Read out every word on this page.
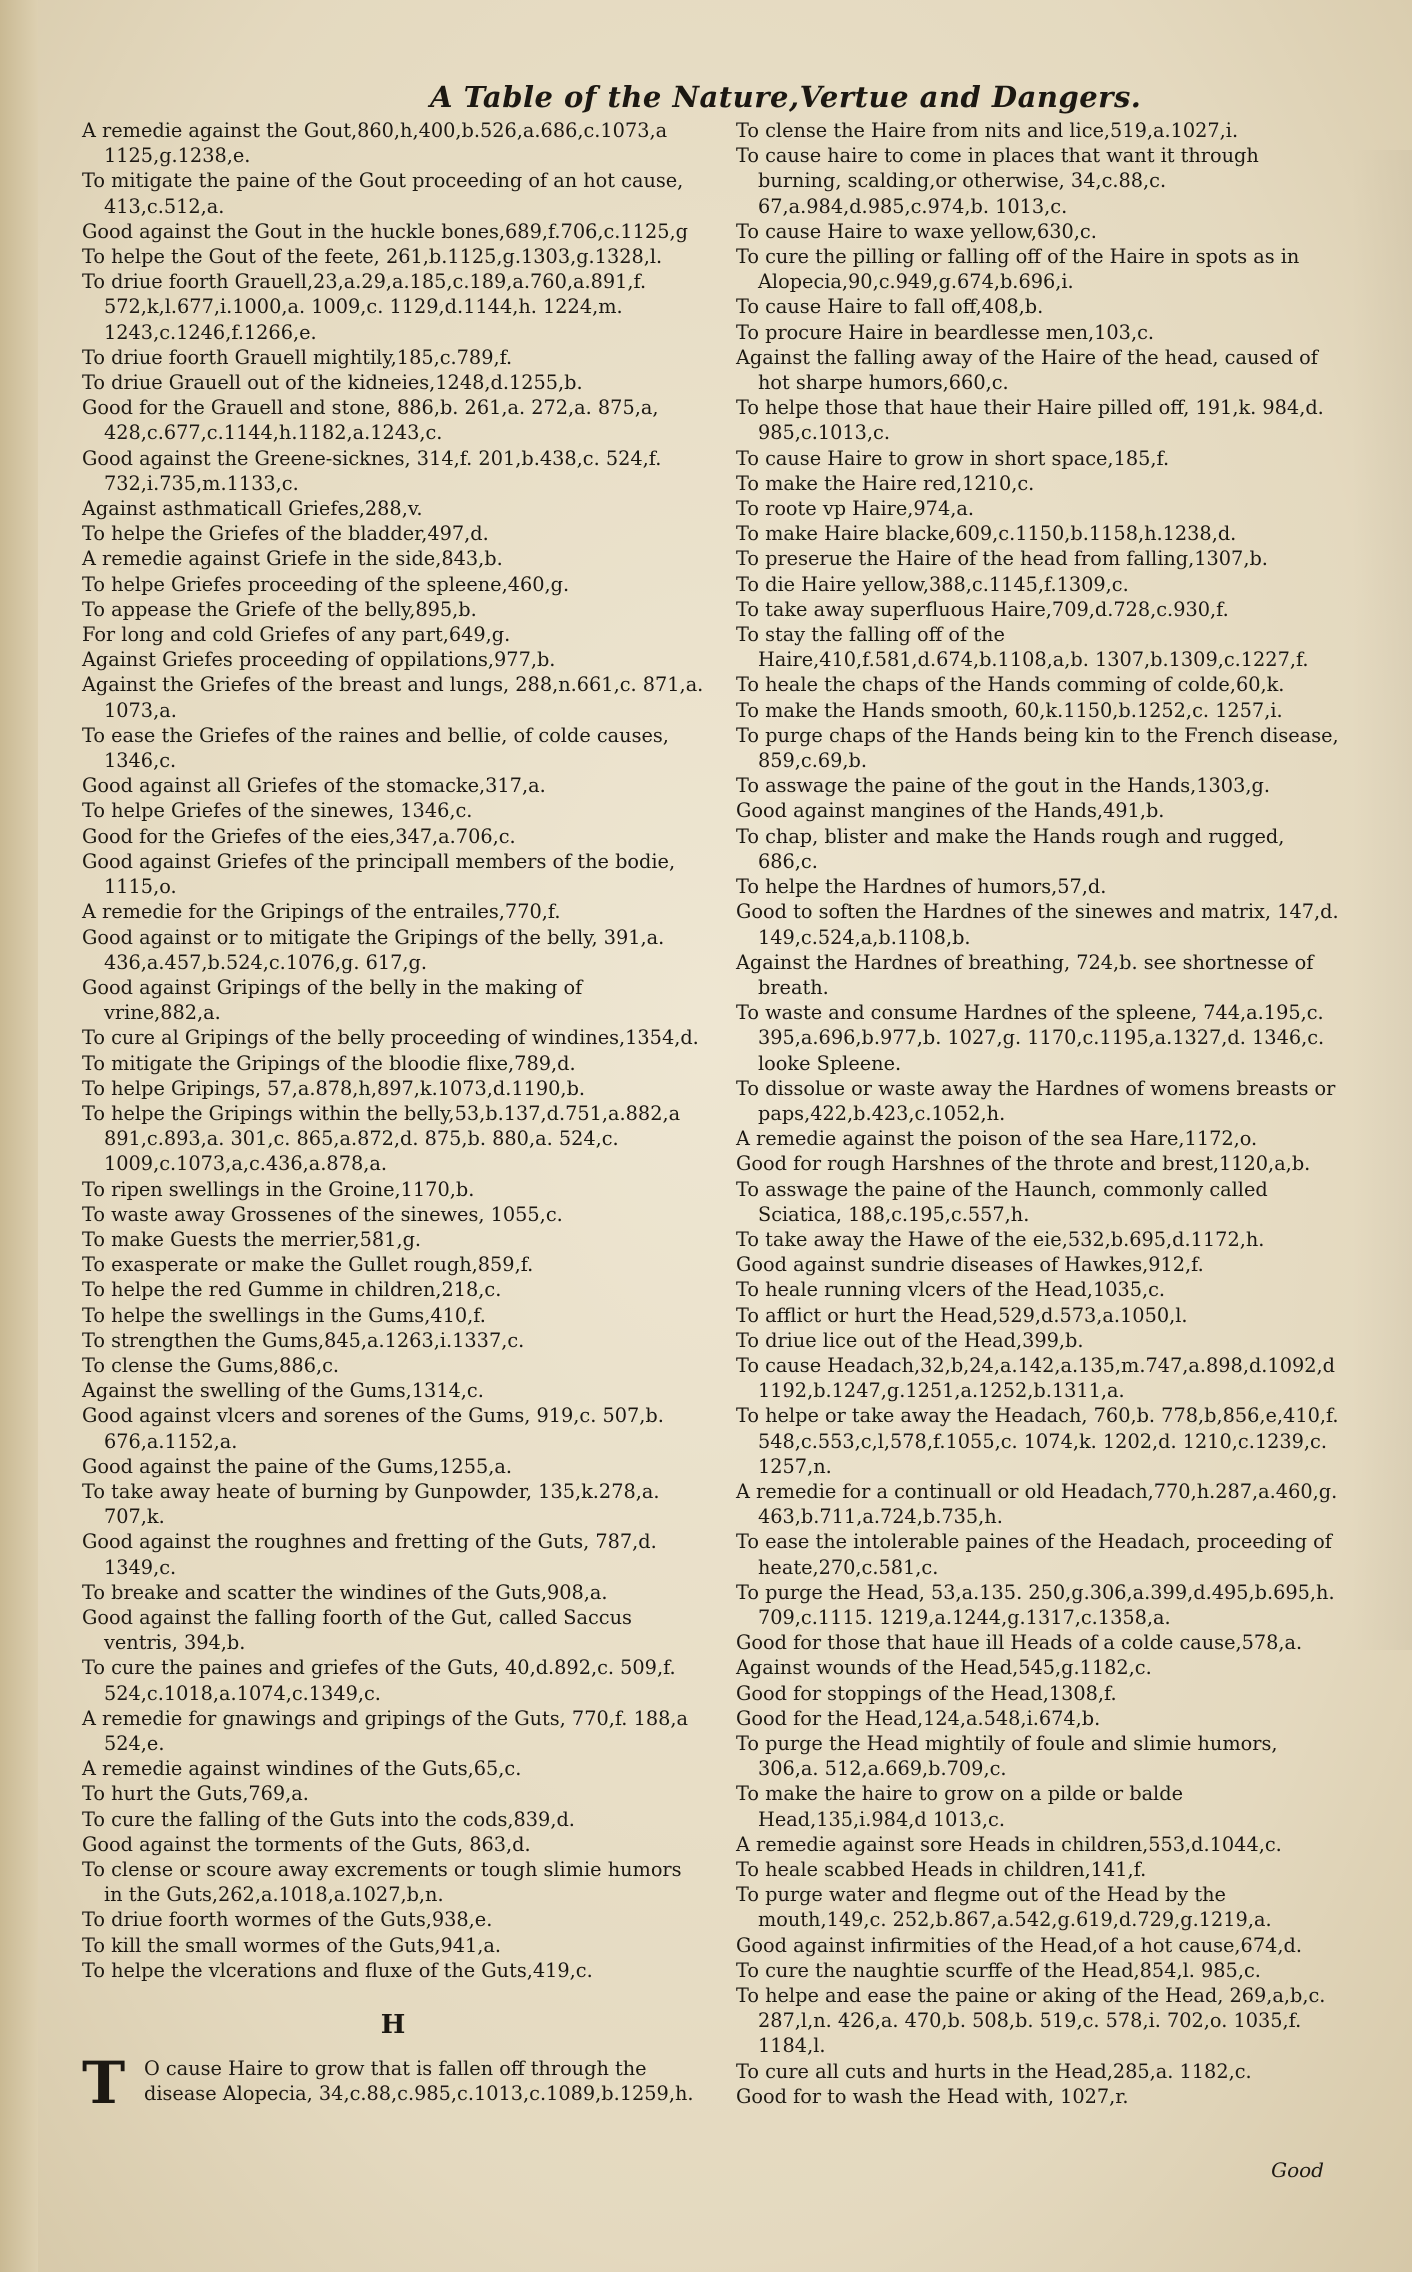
A Table of the Nature,Vertue and Dangers.

A remedie against the Gout,860,h,400,b.526,a.686,c.1073,a 1125,g.1238,e.

To mitigate the paine of the Gout proceeding of an hot cause, 413,c.512,a.

Good against the Gout in the huckle bones,689,f.706,c.1125,g

To helpe the Gout of the feete, 261,b.1125,g.1303,g.1328,l.

To driue foorth Grauell,23,a.29,a.185,c.189,a.760,a.891,f. 572,k,l.677,i.1000,a. 1009,c. 1129,d.1144,h. 1224,m. 1243,c.1246,f.1266,e.

To driue foorth Grauell mightily,185,c.789,f.

To driue Grauell out of the kidneies,1248,d.1255,b.

Good for the Grauell and stone, 886,b. 261,a. 272,a. 875,a, 428,c.677,c.1144,h.1182,a.1243,c.

Good against the Greene-sicknes, 314,f. 201,b.438,c. 524,f. 732,i.735,m.1133,c.

Against asthmaticall Griefes,288,v.

To helpe the Griefes of the bladder,497,d.

A remedie against Griefe in the side,843,b.

To helpe Griefes proceeding of the spleene,460,g.

To appease the Griefe of the belly,895,b.

For long and cold Griefes of any part,649,g.

Against Griefes proceeding of oppilations,977,b.

Against the Griefes of the breast and lungs, 288,n.661,c. 871,a. 1073,a.

To ease the Griefes of the raines and bellie, of colde causes, 1346,c.

Good against all Griefes of the stomacke,317,a.

To helpe Griefes of the sinewes, 1346,c.

Good for the Griefes of the eies,347,a.706,c.

Good against Griefes of the principall members of the bodie, 1115,o.

A remedie for the Gripings of the entrailes,770,f.

Good against or to mitigate the Gripings of the belly, 391,a. 436,a.457,b.524,c.1076,g. 617,g.

Good against Gripings of the belly in the making of vrine,882,a.

To cure al Gripings of the belly proceeding of windines,1354,d.

To mitigate the Gripings of the bloodie flixe,789,d.

To helpe Gripings, 57,a.878,h,897,k.1073,d.1190,b.

To helpe the Gripings within the belly,53,b.137,d.751,a.882,a 891,c.893,a. 301,c. 865,a.872,d. 875,b. 880,a. 524,c. 1009,c.1073,a,c.436,a.878,a.

To ripen swellings in the Groine,1170,b.

To waste away Grossenes of the sinewes, 1055,c.

To make Guests the merrier,581,g.

To exasperate or make the Gullet rough,859,f.

To helpe the red Gumme in children,218,c.

To helpe the swellings in the Gums,410,f.

To strengthen the Gums,845,a.1263,i.1337,c.

To clense the Gums,886,c.

Against the swelling of the Gums,1314,c.

Good against vlcers and sorenes of the Gums, 919,c. 507,b. 676,a.1152,a.

Good against the paine of the Gums,1255,a.

To take away heate of burning by Gunpowder, 135,k.278,a. 707,k.

Good against the roughnes and fretting of the Guts, 787,d. 1349,c.

To breake and scatter the windines of the Guts,908,a.

Good against the falling foorth of the Gut, called Saccus ventris, 394,b.

To cure the paines and griefes of the Guts, 40,d.892,c. 509,f. 524,c.1018,a.1074,c.1349,c.

A remedie for gnawings and gripings of the Guts, 770,f. 188,a 524,e.

A remedie against windines of the Guts,65,c.

To hurt the Guts,769,a.

To cure the falling of the Guts into the cods,839,d.

Good against the torments of the Guts, 863,d.

To clense or scoure away excrements or tough slimie humors in the Guts,262,a.1018,a.1027,b,n.

To driue foorth wormes of the Guts,938,e.

To kill the small wormes of the Guts,941,a.

To helpe the vlcerations and fluxe of the Guts,419,c.

H

T O cause Haire to grow that is fallen off through the disease Alopecia, 34,c.88,c.985,c.1013,c.1089,b.1259,h.

To clense the Haire from nits and lice,519,a.1027,i.

To cause haire to come in places that want it through burning, scalding,or otherwise, 34,c.88,c. 67,a.984,d.985,c.974,b. 1013,c.

To cause Haire to waxe yellow,630,c.

To cure the pilling or falling off of the Haire in spots as in Alopecia,90,c.949,g.674,b.696,i.

To cause Haire to fall off,408,b.

To procure Haire in beardlesse men,103,c.

Against the falling away of the Haire of the head, caused of hot sharpe humors,660,c.

To helpe those that haue their Haire pilled off, 191,k. 984,d. 985,c.1013,c.

To cause Haire to grow in short space,185,f.

To make the Haire red,1210,c.

To roote vp Haire,974,a.

To make Haire blacke,609,c.1150,b.1158,h.1238,d.

To preserue the Haire of the head from falling,1307,b.

To die Haire yellow,388,c.1145,f.1309,c.

To take away superfluous Haire,709,d.728,c.930,f.

To stay the falling off of the Haire,410,f.581,d.674,b.1108,a,b. 1307,b.1309,c.1227,f.

To heale the chaps of the Hands comming of colde,60,k.

To make the Hands smooth, 60,k.1150,b.1252,c. 1257,i.

To purge chaps of the Hands being kin to the French disease, 859,c.69,b.

To asswage the paine of the gout in the Hands,1303,g.

Good against mangines of the Hands,491,b.

To chap, blister and make the Hands rough and rugged, 686,c.

To helpe the Hardnes of humors,57,d.

Good to soften the Hardnes of the sinewes and matrix, 147,d. 149,c.524,a,b.1108,b.

Against the Hardnes of breathing, 724,b. see shortnesse of breath.

To waste and consume Hardnes of the spleene, 744,a.195,c. 395,a.696,b.977,b. 1027,g. 1170,c.1195,a.1327,d. 1346,c. looke Spleene.

To dissolue or waste away the Hardnes of womens breasts or paps,422,b.423,c.1052,h.

A remedie against the poison of the sea Hare,1172,o.

Good for rough Harshnes of the throte and brest,1120,a,b.

To asswage the paine of the Haunch, commonly called Sciatica, 188,c.195,c.557,h.

To take away the Hawe of the eie,532,b.695,d.1172,h.

Good against sundrie diseases of Hawkes,912,f.

To heale running vlcers of the Head,1035,c.

To afflict or hurt the Head,529,d.573,a.1050,l.

To driue lice out of the Head,399,b.

To cause Headach,32,b,24,a.142,a.135,m.747,a.898,d.1092,d 1192,b.1247,g.1251,a.1252,b.1311,a.

To helpe or take away the Headach, 760,b. 778,b,856,e,410,f. 548,c.553,c,l,578,f.1055,c. 1074,k. 1202,d. 1210,c.1239,c. 1257,n.

A remedie for a continuall or old Headach,770,h.287,a.460,g. 463,b.711,a.724,b.735,h.

To ease the intolerable paines of the Headach, proceeding of heate,270,c.581,c.

To purge the Head, 53,a.135. 250,g.306,a.399,d.495,b.695,h. 709,c.1115. 1219,a.1244,g.1317,c.1358,a.

Good for those that haue ill Heads of a colde cause,578,a.

Against wounds of the Head,545,g.1182,c.

Good for stoppings of the Head,1308,f.

Good for the Head,124,a.548,i.674,b.

To purge the Head mightily of foule and slimie humors, 306,a. 512,a.669,b.709,c.

To make the haire to grow on a pilde or balde Head,135,i.984,d 1013,c.

A remedie against sore Heads in children,553,d.1044,c.

To heale scabbed Heads in children,141,f.

To purge water and flegme out of the Head by the mouth,149,c. 252,b.867,a.542,g.619,d.729,g.1219,a.

Good against infirmities of the Head,of a hot cause,674,d.

To cure the naughtie scurffe of the Head,854,l. 985,c.

To helpe and ease the paine or aking of the Head, 269,a,b,c. 287,l,n. 426,a. 470,b. 508,b. 519,c. 578,i. 702,o. 1035,f. 1184,l.

To cure all cuts and hurts in the Head,285,a. 1182,c.

Good for to wash the Head with, 1027,r.

Good
